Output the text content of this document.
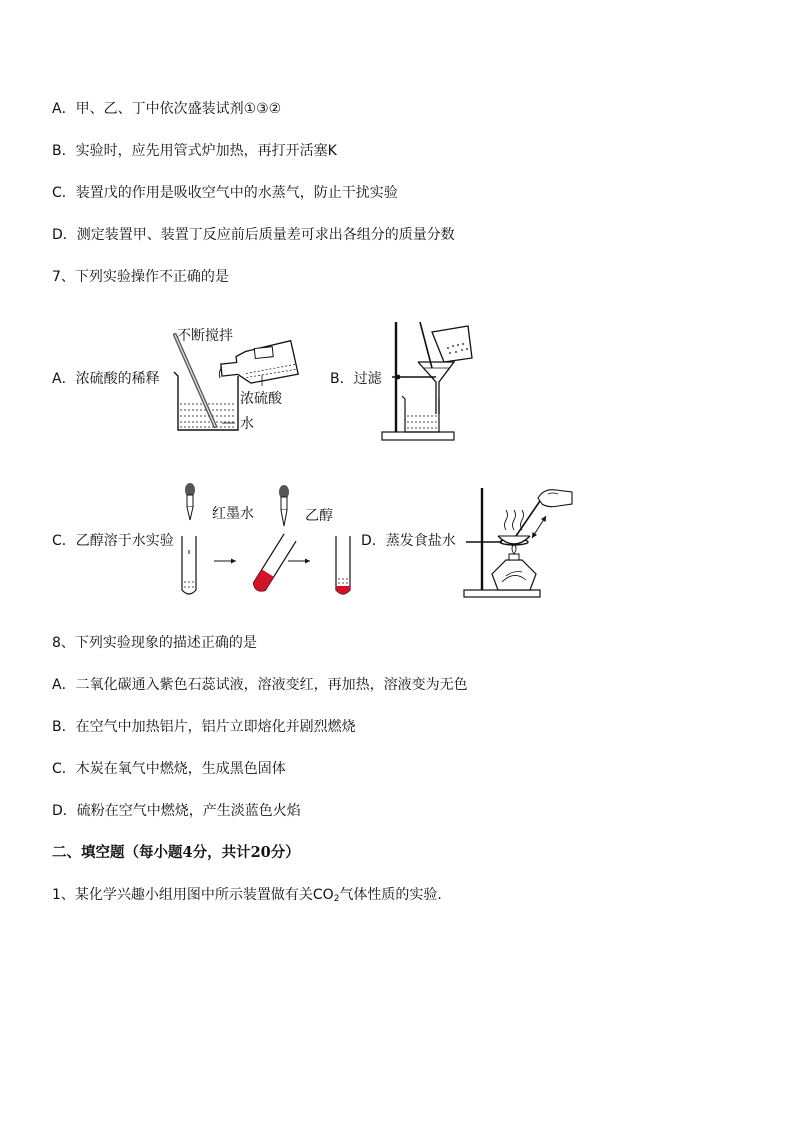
A．甲、乙、丁中依次盛装试剂①③②
B．实验时，应先用管式炉加热，再打开活塞K
C．装置戊的作用是吸收空气中的水蒸气，防止干扰实验
D．测定装置甲、装置丁反应前后质量差可求出各组分的质量分数
7、下列实验操作不正确的是
A．浓硫酸的稀释
不断搅拌
浓硫酸
水
B．过滤
C．乙醇溶于水实验
红墨水	乙醇
D．蒸发食盐水
8、下列实验现象的描述正确的是
A．二氧化碳通入紫色石蕊试液，溶液变红，再加热，溶液变为无色
B．在空气中加热铝片，铝片立即熔化并剧烈燃烧
C．木炭在氧气中燃烧，生成黑色固体
D．硫粉在空气中燃烧，产生淡蓝色火焰
二、填空题（每小题4分，共计20分）
1、某化学兴趣小组用图中所示装置做有关$CO_2$气体性质的实验.
